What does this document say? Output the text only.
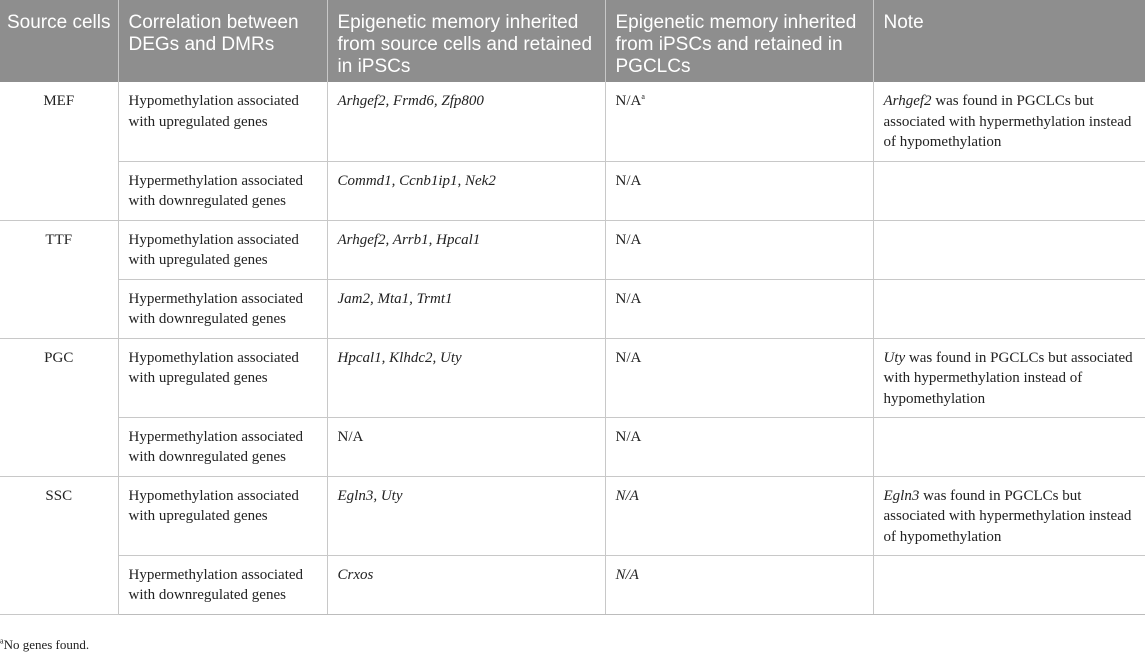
Source cells	Correlation between DEGs and DMRs	Epigenetic memory inherited from source cells and retained in iPSCs	Epigenetic memory inherited from iPSCs and retained in PGCLCs	Note
MEF	Hypomethylation associated with upregulated genes	Arhgef2, Frmd6, Zfp800	N/A$^a$	Arhgef2 was found in PGCLCs but associated with hypermethylation instead of hypomethylation
	Hypermethylation associated with downregulated genes	Commd1, Ccnb1ip1, Nek2	N/A	
TTF	Hypomethylation associated with upregulated genes	Arhgef2, Arrb1, Hpcal1	N/A	
	Hypermethylation associated with downregulated genes	Jam2, Mta1, Trmt1	N/A	
PGC	Hypomethylation associated with upregulated genes	Hpcal1, Klhdc2, Uty	N/A	Uty was found in PGCLCs but associated with hypermethylation instead of hypomethylation
	Hypermethylation associated with downregulated genes	N/A	N/A	
SSC	Hypomethylation associated with upregulated genes	Egln3, Uty	N/A	Egln3 was found in PGCLCs but associated with hypermethylation instead of hypomethylation
	Hypermethylation associated with downregulated genes	Crxos	N/A	
$^a$No genes found.
